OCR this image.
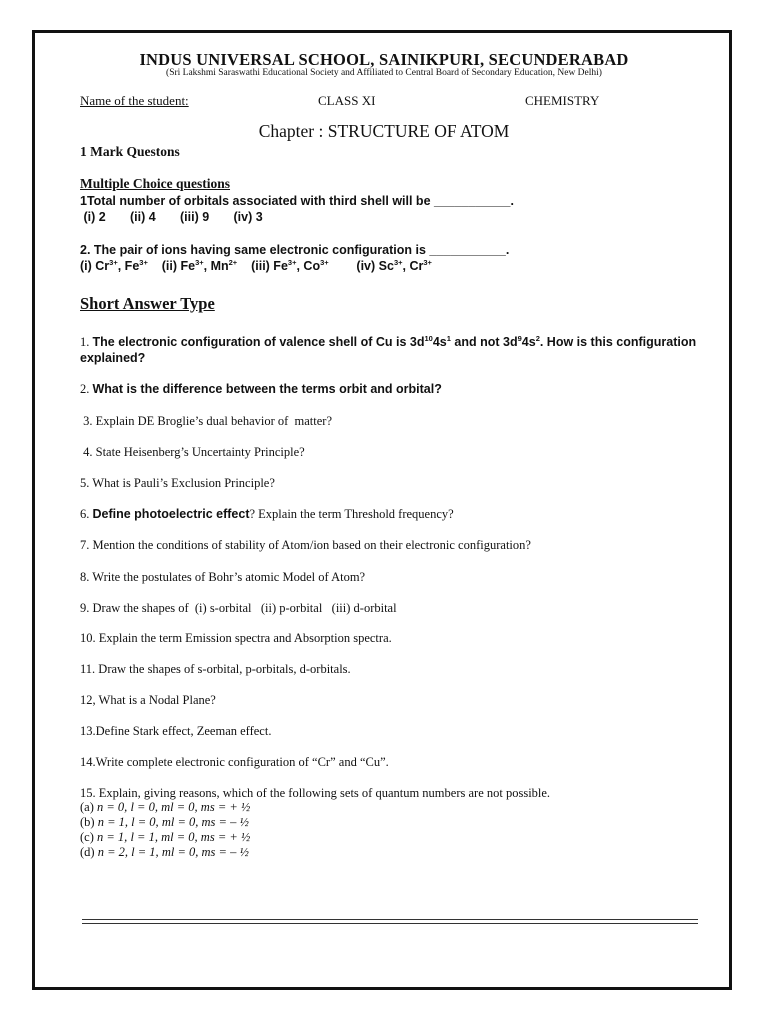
INDUS UNIVERSAL SCHOOL, SAINIKPURI, SECUNDERABAD
(Sri Lakshmi Saraswathi Educational Society and Affiliated to Central Board of Secondary Education, New Delhi)
Name of the student:	CLASS XI	CHEMISTRY
Chapter : STRUCTURE OF ATOM
1 Mark Questons
Multiple Choice questions
1Total number of orbitals associated with third shell will be ___________.
(i) 2       (ii) 4       (iii) 9       (iv) 3
2. The pair of ions having same electronic configuration is ___________.
(i) $Cr^{3+}$, $Fe^{3+}$    (ii) $Fe^{3+}$, $Mn^{2+}$    (iii) $Fe^{3+}$, $Co^{3+}$        (iv) $Sc^{3+}$, $Cr^{3+}$
Short Answer Type
1. The electronic configuration of valence shell of Cu is $3d^{10}4s^1$ and not $3d^94s^2$. How is this configuration explained?
2. What is the difference between the terms orbit and orbital?
3. Explain DE Broglie’s dual behavior of  matter?
4. State Heisenberg’s Uncertainty Principle?
5. What is Pauli’s Exclusion Principle?
6. Define photoelectric effect? Explain the term Threshold frequency?
7. Mention the conditions of stability of Atom/ion based on their electronic configuration?
8. Write the postulates of Bohr’s atomic Model of Atom?
9. Draw the shapes of  (i) s-orbital   (ii) p-orbital   (iii) d-orbital
10. Explain the term Emission spectra and Absorption spectra.
11. Draw the shapes of s-orbital, p-orbitals, d-orbitals.
12, What is a Nodal Plane?
13.Define Stark effect, Zeeman effect.
14.Write complete electronic configuration of “Cr” and “Cu”.
15. Explain, giving reasons, which of the following sets of quantum numbers are not possible.
(a) n = 0, l = 0, ml = 0, ms = + ½
(b) n = 1, l = 0, ml = 0, ms = – ½
(c) n = 1, l = 1, ml = 0, ms = + ½
(d) n = 2, l = 1, ml = 0, ms = – ½
